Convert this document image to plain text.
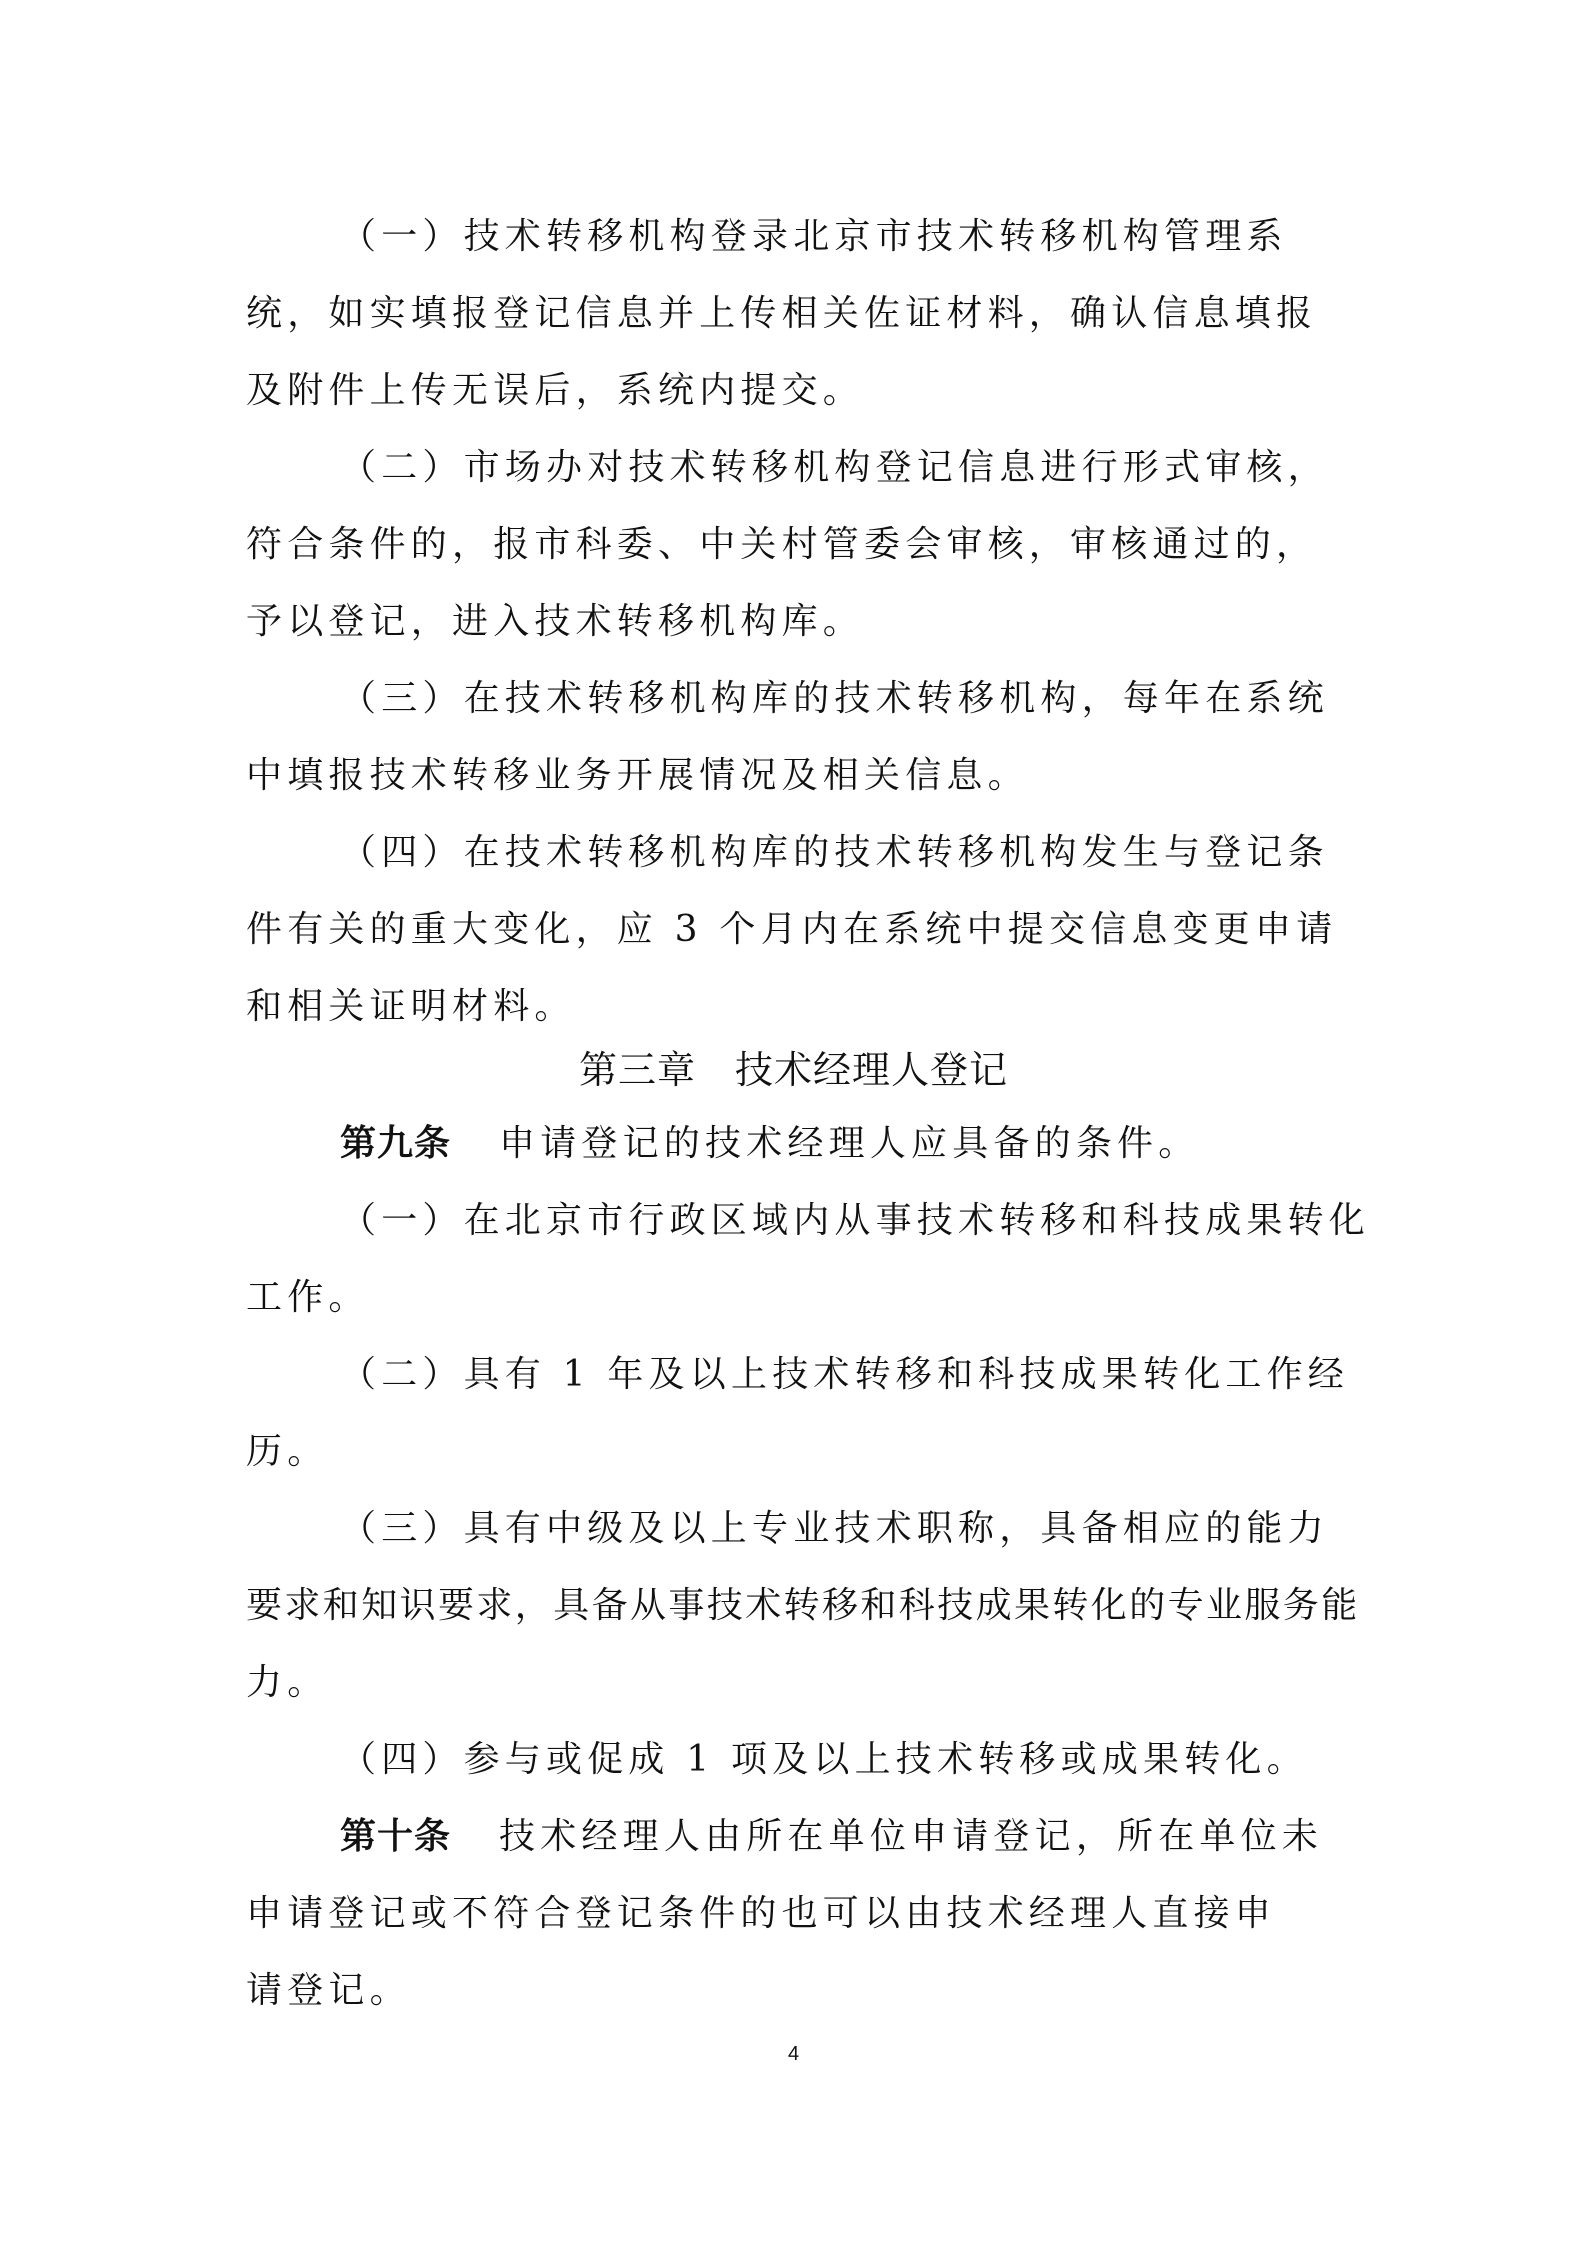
（一）技术转移机构登录北京市技术转移机构管理系
统，如实填报登记信息并上传相关佐证材料，确认信息填报
及附件上传无误后，系统内提交。
（二）市场办对技术转移机构登记信息进行形式审核，
符合条件的，报市科委、中关村管委会审核，审核通过的，
予以登记，进入技术转移机构库。
（三）在技术转移机构库的技术转移机构，每年在系统
中填报技术转移业务开展情况及相关信息。
（四）在技术转移机构库的技术转移机构发生与登记条
件有关的重大变化，应 3 个月内在系统中提交信息变更申请
和相关证明材料。
第三章　技术经理人登记
第九条 申请登记的技术经理人应具备的条件。
（一）在北京市行政区域内从事技术转移和科技成果转化
工作。
（二）具有 1 年及以上技术转移和科技成果转化工作经
历。
（三）具有中级及以上专业技术职称，具备相应的能力
要求和知识要求，具备从事技术转移和科技成果转化的专业服务能
力。
（四）参与或促成 1 项及以上技术转移或成果转化。
第十条 技术经理人由所在单位申请登记，所在单位未
申请登记或不符合登记条件的也可以由技术经理人直接申
请登记。
4
